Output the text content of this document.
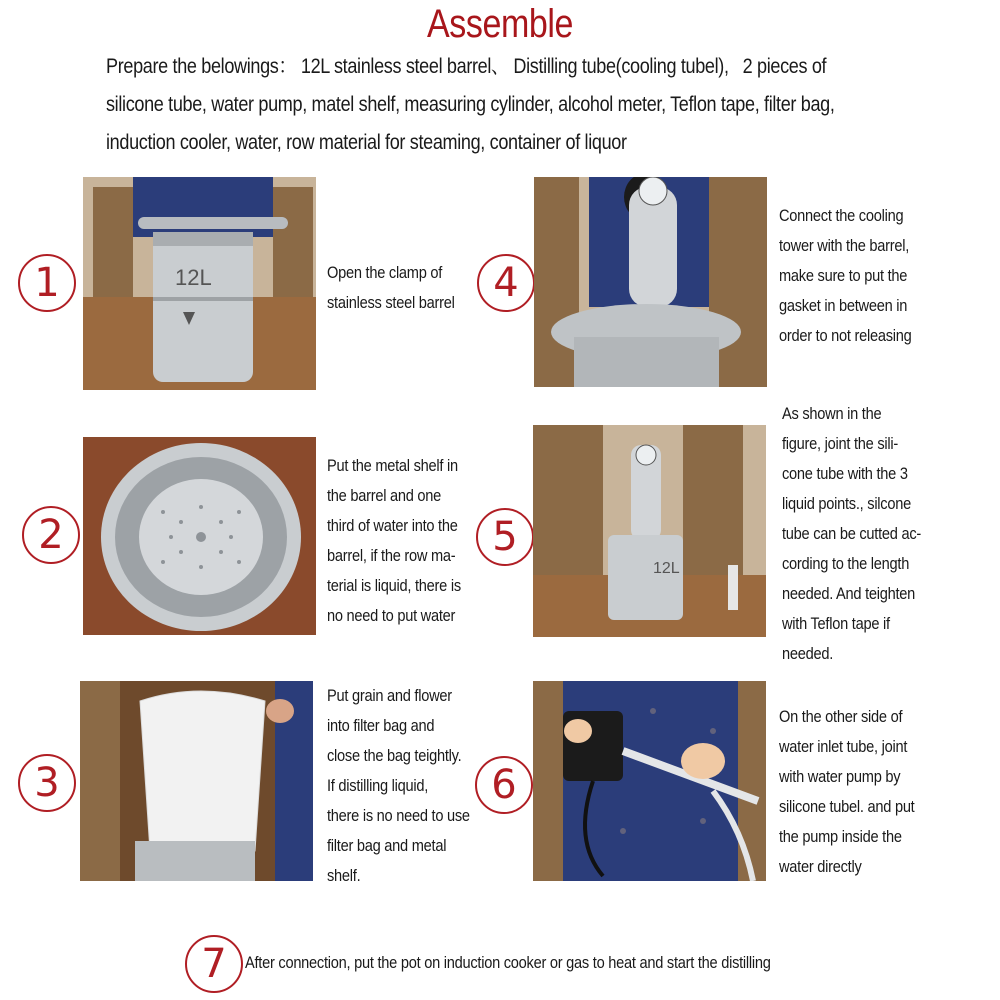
Assemble
Prepare the belowings： 12L stainless steel barrel、 Distilling tube(cooling tubel),   2 pieces of
silicone tube, water pump, matel shelf, measuring cylinder, alcohol meter, Teflon tape, filter bag,
induction cooler, water, row material for steaming, container of liquor
1	12L	Open the clamp of
stainless steel barrel
2
Put the metal shelf in
the barrel and one
third of water into the
barrel, if the row ma-
terial is liquid, there is
no need to put water
3
Put grain and flower
into filter bag and
close the bag teightly.
If distilling liquid,
there is no need to use
filter bag and metal
shelf.
4
Connect the cooling
tower with the barrel,
make sure to put the
gasket in between in
order to not releasing
5
12L
As shown in the
figure, joint the sili-
cone tube with the 3
liquid points., silcone
tube can be cutted ac-
cording to the length
needed. And teighten
with Teflon tape if
needed.
6
On the other side of
water inlet tube, joint
with water pump by
silicone tubel. and put
the pump inside the
water directly
7	After connection, put the pot on induction cooker or gas to heat and start the distilling
